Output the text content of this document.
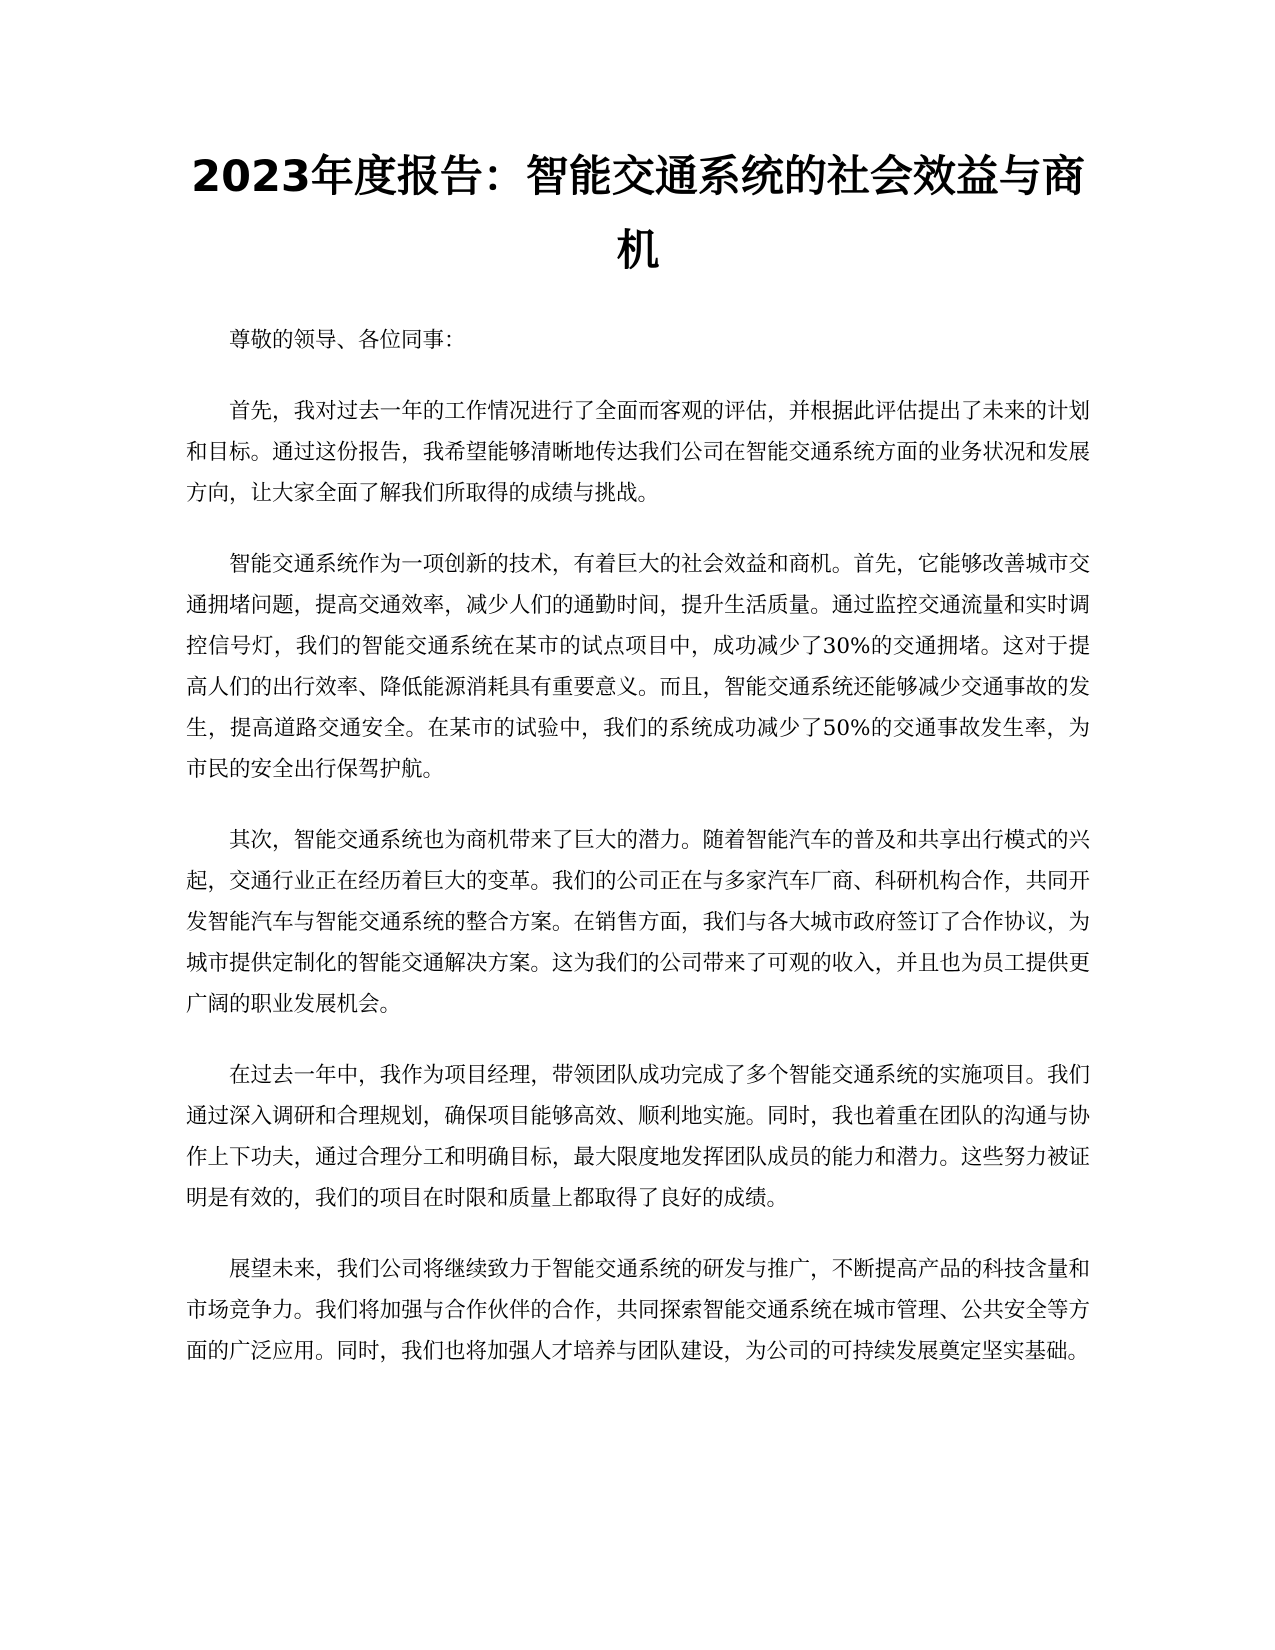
2023年度报告：智能交通系统的社会效益与商机

尊敬的领导、各位同事：

首先，我对过去一年的工作情况进行了全面而客观的评估，并根据此评估提出了未来的计划和目标。通过这份报告，我希望能够清晰地传达我们公司在智能交通系统方面的业务状况和发展方向，让大家全面了解我们所取得的成绩与挑战。

智能交通系统作为一项创新的技术，有着巨大的社会效益和商机。首先，它能够改善城市交通拥堵问题，提高交通效率，减少人们的通勤时间，提升生活质量。通过监控交通流量和实时调控信号灯，我们的智能交通系统在某市的试点项目中，成功减少了30%的交通拥堵。这对于提高人们的出行效率、降低能源消耗具有重要意义。而且，智能交通系统还能够减少交通事故的发生，提高道路交通安全。在某市的试验中，我们的系统成功减少了50%的交通事故发生率，为市民的安全出行保驾护航。

其次，智能交通系统也为商机带来了巨大的潜力。随着智能汽车的普及和共享出行模式的兴起，交通行业正在经历着巨大的变革。我们的公司正在与多家汽车厂商、科研机构合作，共同开发智能汽车与智能交通系统的整合方案。在销售方面，我们与各大城市政府签订了合作协议，为城市提供定制化的智能交通解决方案。这为我们的公司带来了可观的收入，并且也为员工提供更广阔的职业发展机会。

在过去一年中，我作为项目经理，带领团队成功完成了多个智能交通系统的实施项目。我们通过深入调研和合理规划，确保项目能够高效、顺利地实施。同时，我也着重在团队的沟通与协作上下功夫，通过合理分工和明确目标，最大限度地发挥团队成员的能力和潜力。这些努力被证明是有效的，我们的项目在时限和质量上都取得了良好的成绩。

展望未来，我们公司将继续致力于智能交通系统的研发与推广，不断提高产品的科技含量和市场竞争力。我们将加强与合作伙伴的合作，共同探索智能交通系统在城市管理、公共安全等方面的广泛应用。同时，我们也将加强人才培养与团队建设，为公司的可持续发展奠定坚实基础。
